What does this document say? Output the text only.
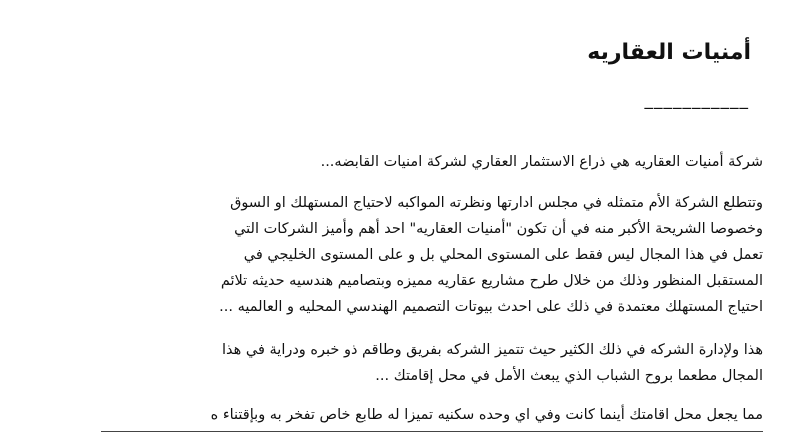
أمنيات العقاريه
___________

شركة أمنيات العقاريه هي ذراع الاستثمار العقاري لشركة امنيات القابضه...

وتتطلع الشركة الأم متمثله في مجلس ادارتها ونظرته المواكبه لاحتياج المستهلك او السوق
وخصوصا الشريحة الأكبر منه في أن تكون "أمنيات العقاريه" احد أهم وأميز الشركات التي
تعمل في هذا المجال ليس فقط على المستوى المحلي بل و على المستوى الخليجي في
المستقبل المنظور وذلك من خلال طرح مشاريع عقاريه مميزه وبتصاميم هندسيه حديثه تلائم
احتياج المستهلك معتمدة في ذلك على احدث بيوتات التصميم الهندسي المحليه و العالميه ...

هذا ولإدارة الشركه في ذلك الكثير حيث تتميز الشركه بفريق وطاقم ذو خبره ودراية في هذا
المجال مطعما بروح الشباب الذي يبعث الأمل في محل إقامتك ...

مما يجعل محل اقامتك أينما كانت وفي اي وحده سكنيه تميزا له طابع خاص تفخر به وبإقتناء ه
